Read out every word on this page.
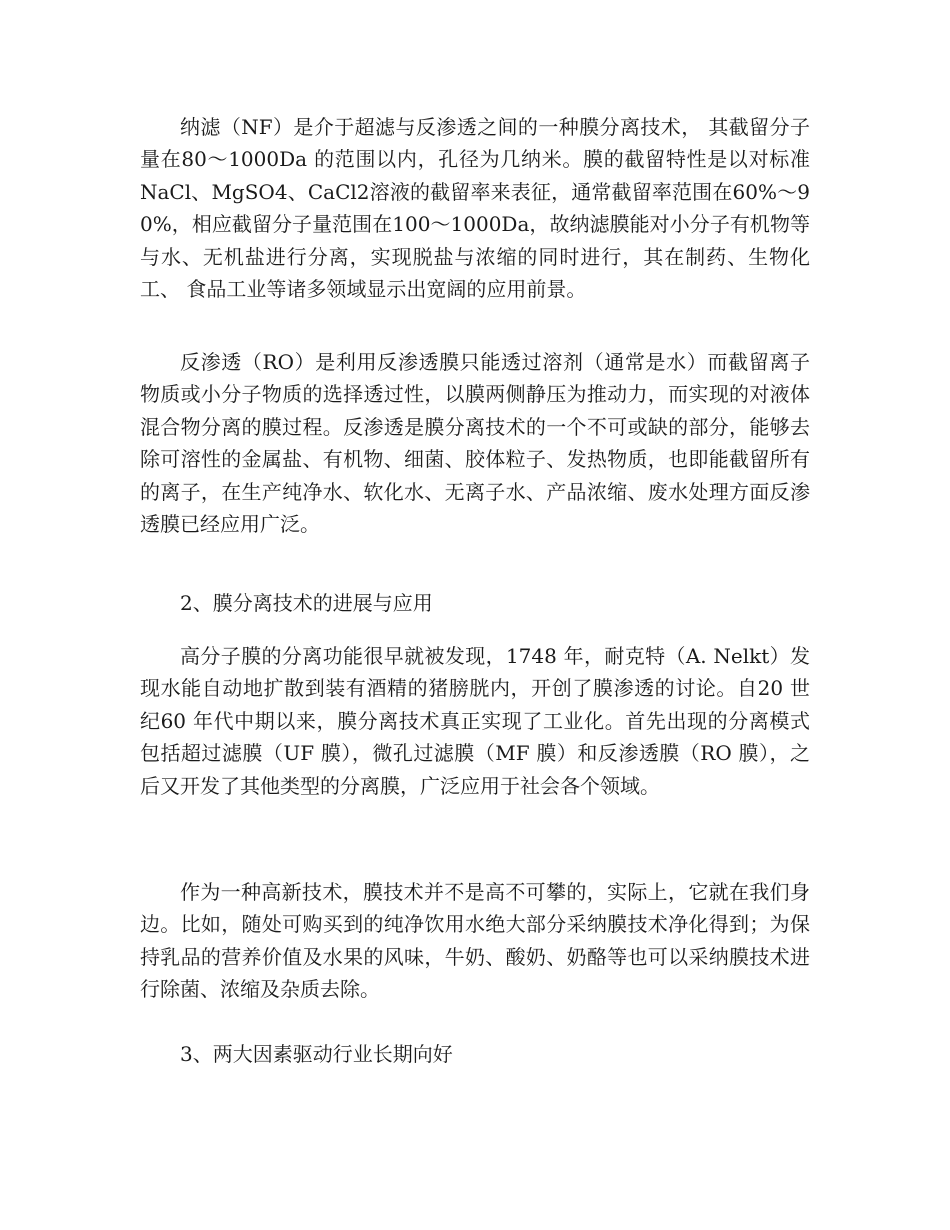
纳滤（NF）是介于超滤与反渗透之间的一种膜分离技术， 其截留分子量在80～1000Da 的范围以内，孔径为几纳米。膜的截留特性是以对标准 NaCl、MgSO4、CaCl2溶液的截留率来表征，通常截留率范围在60%～90%，相应截留分子量范围在100～1000Da，故纳滤膜能对小分子有机物等与水、无机盐进行分离，实现脱盐与浓缩的同时进行，其在制药、生物化工、 食品工业等诸多领域显示出宽阔的应用前景。

反渗透（RO）是利用反渗透膜只能透过溶剂（通常是水）而截留离子物质或小分子物质的选择透过性，以膜两侧静压为推动力，而实现的对液体混合物分离的膜过程。反渗透是膜分离技术的一个不可或缺的部分，能够去除可溶性的金属盐、有机物、细菌、胶体粒子、发热物质，也即能截留所有的离子，在生产纯净水、软化水、无离子水、产品浓缩、废水处理方面反渗透膜已经应用广泛。

2、膜分离技术的进展与应用

高分子膜的分离功能很早就被发现，1748 年，耐克特（A. Nelkt）发现水能自动地扩散到装有酒精的猪膀胱内，开创了膜渗透的讨论。自20 世纪60 年代中期以来，膜分离技术真正实现了工业化。首先出现的分离模式包括超过滤膜（UF 膜），微孔过滤膜（MF 膜）和反渗透膜（RO 膜），之后又开发了其他类型的分离膜，广泛应用于社会各个领域。

作为一种高新技术，膜技术并不是高不可攀的，实际上，它就在我们身边。比如，随处可购买到的纯净饮用水绝大部分采纳膜技术净化得到；为保持乳品的营养价值及水果的风味，牛奶、酸奶、奶酪等也可以采纳膜技术进行除菌、浓缩及杂质去除。

3、两大因素驱动行业长期向好
